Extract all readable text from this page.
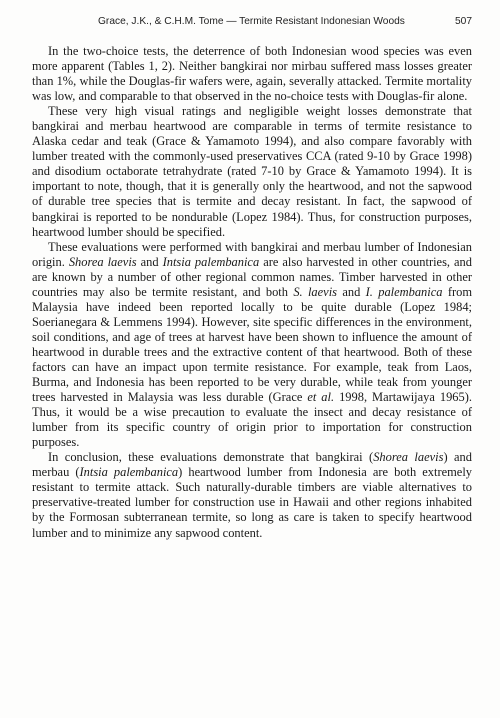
Grace, J.K., & C.H.M. Tome — Termite Resistant Indonesian Woods	507

In the two-choice tests, the deterrence of both Indonesian wood species was even more apparent (Tables 1, 2). Neither bangkirai nor mirbau suffered mass losses greater than 1%, while the Douglas-fir wafers were, again, severally attacked. Termite mortality was low, and comparable to that observed in the no-choice tests with Douglas-fir alone.

These very high visual ratings and negligible weight losses demonstrate that bangkirai and merbau heartwood are comparable in terms of termite resistance to Alaska cedar and teak (Grace & Yamamoto 1994), and also compare favorably with lumber treated with the commonly-used preservatives CCA (rated 9-10 by Grace 1998) and disodium octaborate tetrahydrate (rated 7-10 by Grace & Yamamoto 1994). It is important to note, though, that it is generally only the heartwood, and not the sapwood of durable tree species that is termite and decay resistant. In fact, the sapwood of bangkirai is reported to be nondurable (Lopez 1984). Thus, for construction purposes, heartwood lumber should be specified.

These evaluations were performed with bangkirai and merbau lumber of Indonesian origin. Shorea laevis and Intsia palembanica are also harvested in other countries, and are known by a number of other regional common names. Timber harvested in other countries may also be termite resistant, and both S. laevis and I. palembanica from Malaysia have indeed been reported locally to be quite durable (Lopez 1984; Soerianegara & Lemmens 1994). However, site specific differences in the environment, soil conditions, and age of trees at harvest have been shown to influence the amount of heartwood in durable trees and the extractive content of that heartwood. Both of these factors can have an impact upon termite resistance. For example, teak from Laos, Burma, and Indonesia has been reported to be very durable, while teak from younger trees harvested in Malaysia was less durable (Grace et al. 1998, Martawijaya 1965). Thus, it would be a wise precaution to evaluate the insect and decay resistance of lumber from its specific country of origin prior to importation for construction purposes.

In conclusion, these evaluations demonstrate that bangkirai (Shorea laevis) and merbau (Intsia palembanica) heartwood lumber from Indonesia are both extremely resistant to termite attack. Such naturally-durable timbers are viable alternatives to preservative-treated lumber for construction use in Hawaii and other regions inhabited by the Formosan subterranean termite, so long as care is taken to specify heartwood lumber and to minimize any sapwood content.
